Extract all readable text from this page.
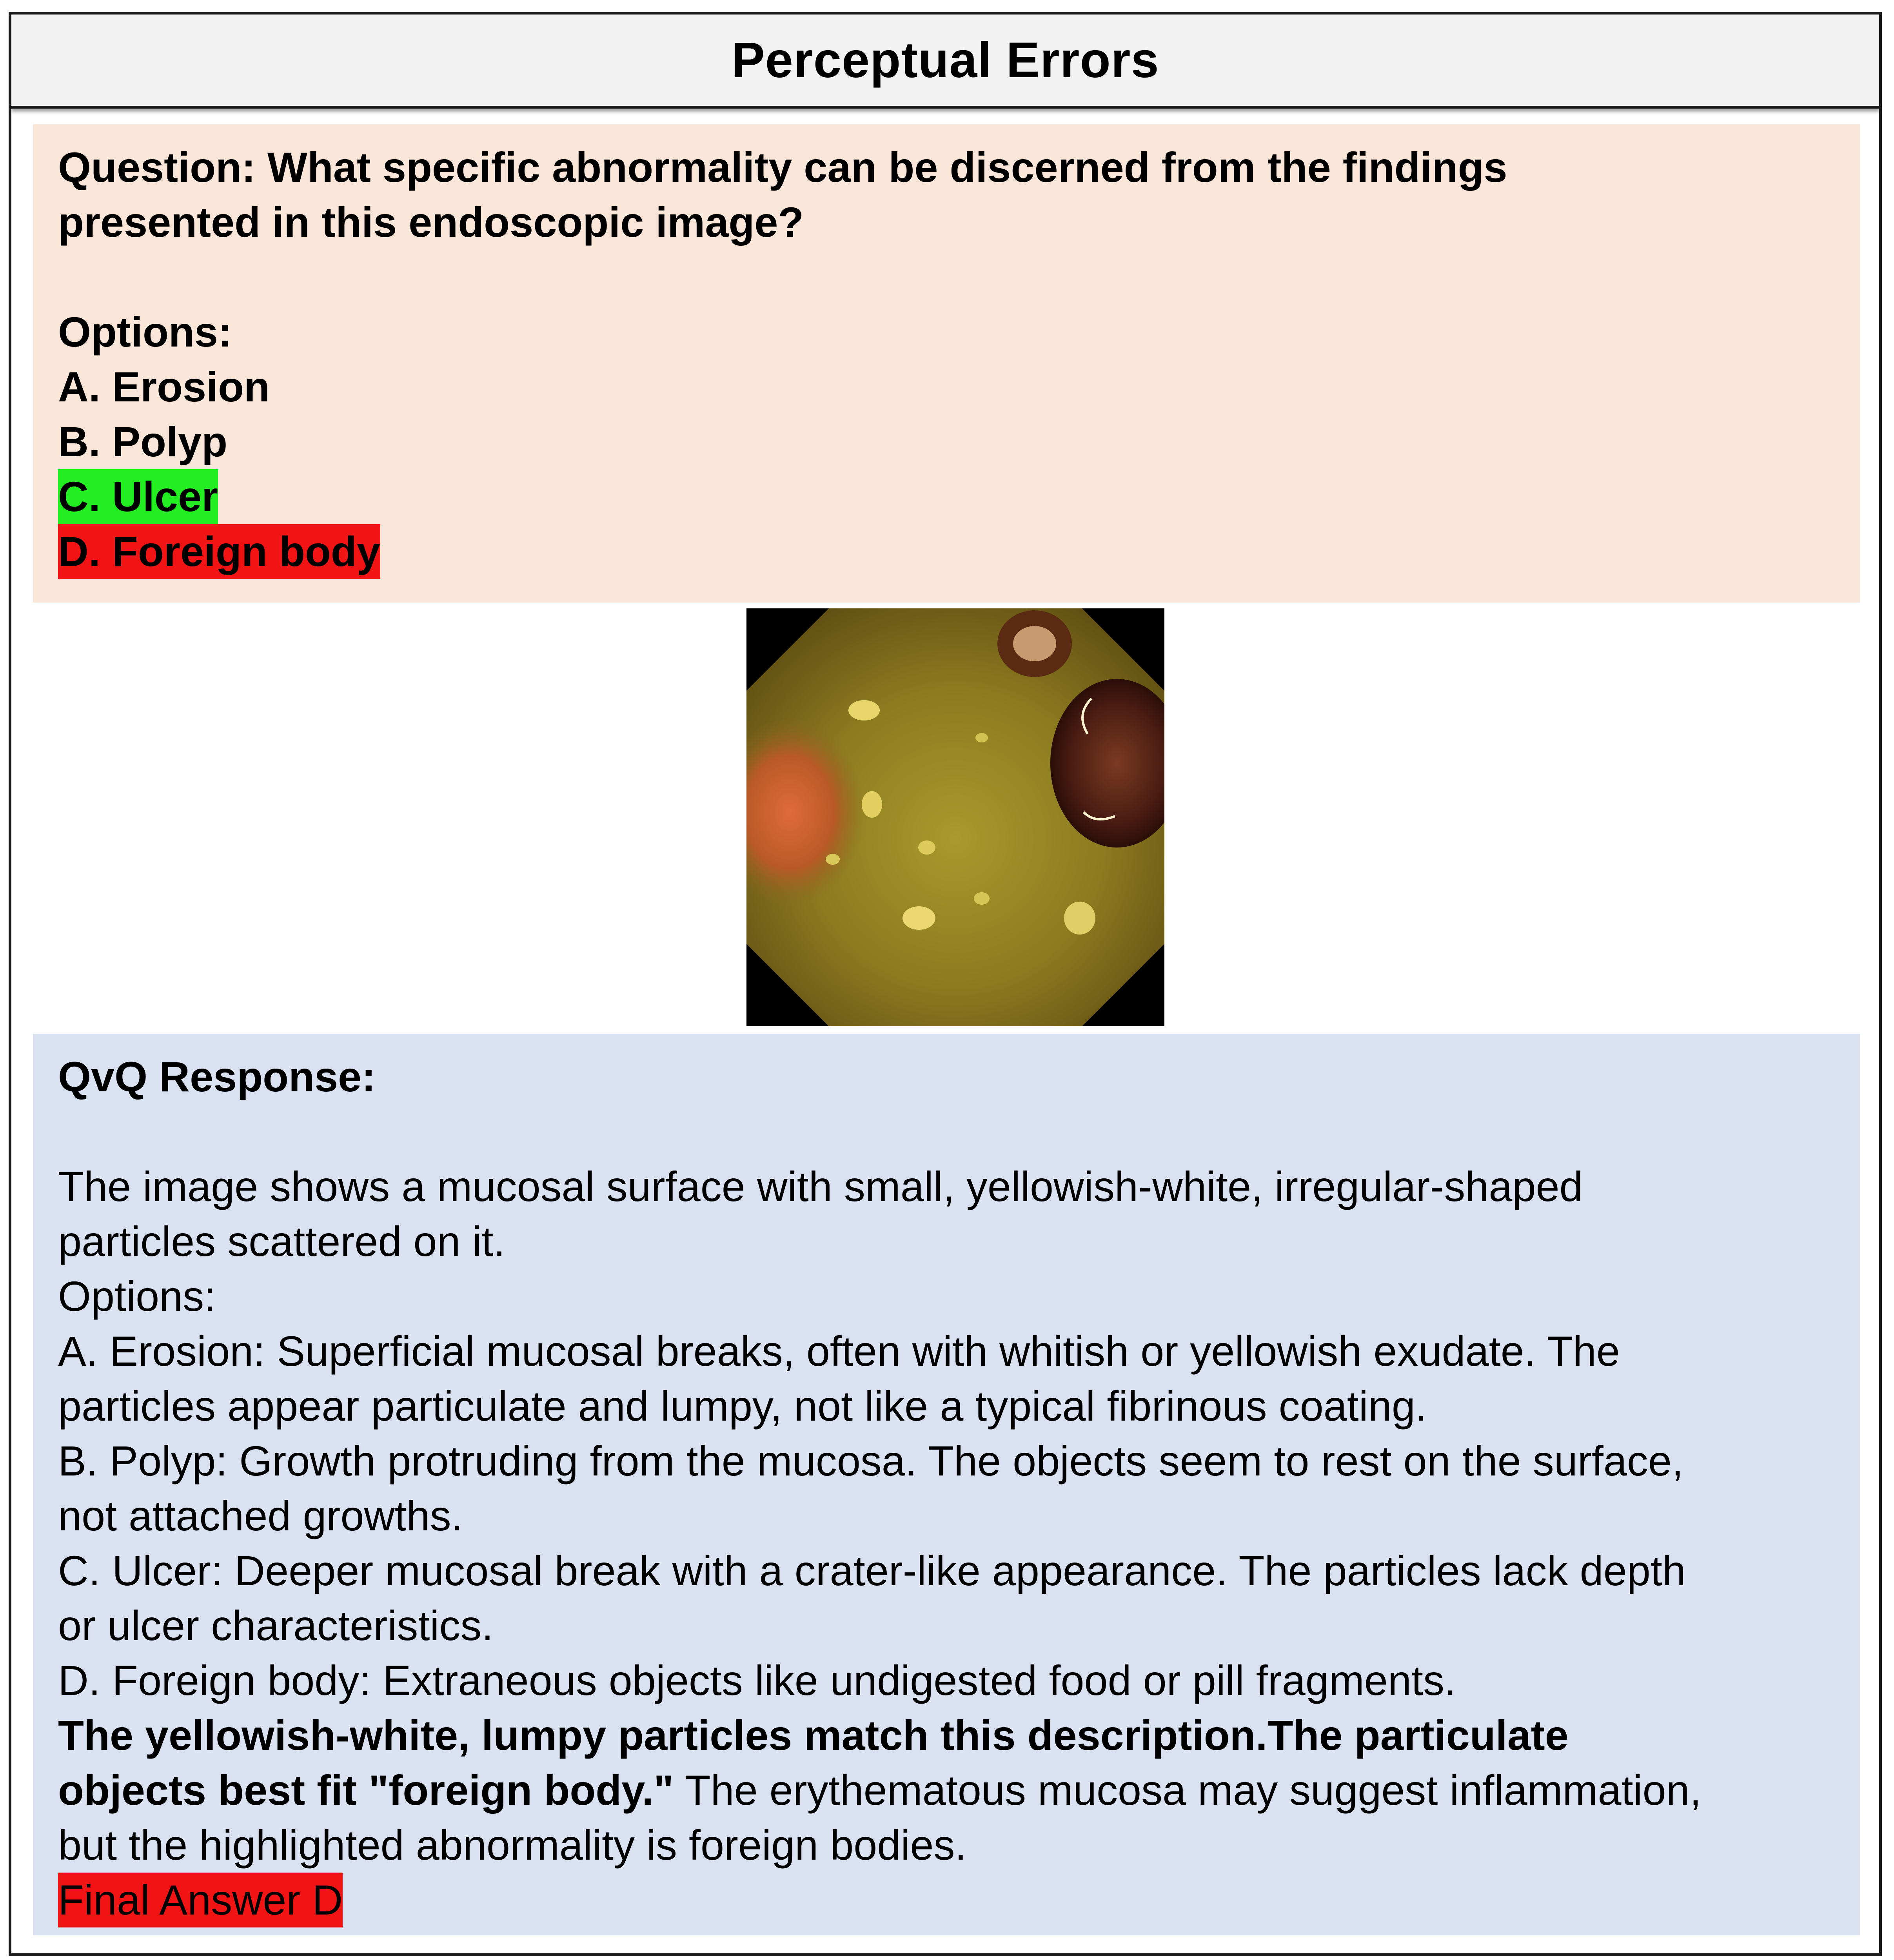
Perceptual Errors
Question: What specific abnormality can be discerned from the findings
presented in this endoscopic image?
Options:
A. Erosion
B. Polyp
C. Ulcer
D. Foreign body
QvQ Response:
The image shows a mucosal surface with small, yellowish-white, irregular-shaped
particles scattered on it.
Options:
A. Erosion: Superficial mucosal breaks, often with whitish or yellowish exudate. The
particles appear particulate and lumpy, not like a typical fibrinous coating.
B. Polyp: Growth protruding from the mucosa. The objects seem to rest on the surface,
not attached growths.
C. Ulcer: Deeper mucosal break with a crater-like appearance. The particles lack depth
or ulcer characteristics.
D. Foreign body: Extraneous objects like undigested food or pill fragments.
The yellowish-white, lumpy particles match this description.The particulate
objects best fit "foreign body." The erythematous mucosa may suggest inflammation,
but the highlighted abnormality is foreign bodies.
Final Answer D
